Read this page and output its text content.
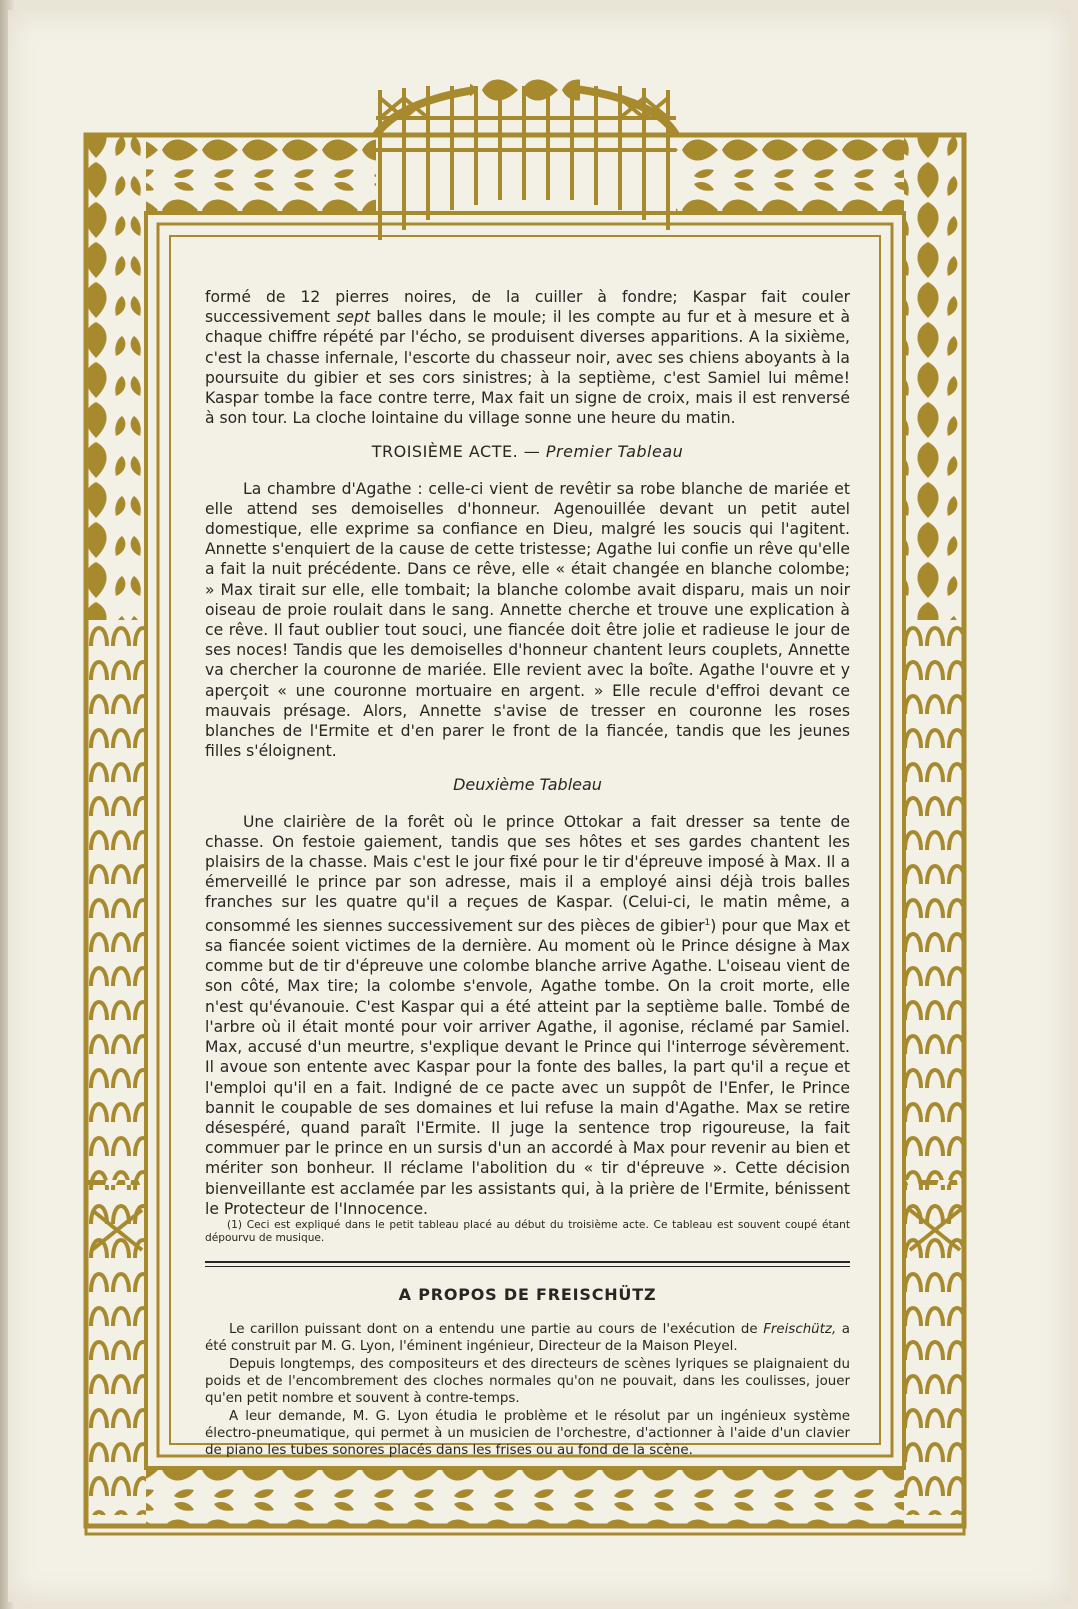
formé de 12 pierres noires, de la cuiller à fondre; Kaspar fait couler successivement sept balles dans le moule; il les compte au fur et à mesure et à chaque chiffre répété par l'écho, se produisent diverses apparitions. A la sixième, c'est la chasse infernale, l'escorte du chasseur noir, avec ses chiens aboyants à la poursuite du gibier et ses cors sinistres; à la septième, c'est Samiel lui même! Kaspar tombe la face contre terre, Max fait un signe de croix, mais il est renversé à son tour. La cloche lointaine du village sonne une heure du matin.

TROISIÈME ACTE. — Premier Tableau

La chambre d'Agathe : celle-ci vient de revêtir sa robe blanche de mariée et elle attend ses demoiselles d'honneur. Agenouillée devant un petit autel domestique, elle exprime sa confiance en Dieu, malgré les soucis qui l'agitent. Annette s'enquiert de la cause de cette tristesse; Agathe lui confie un rêve qu'elle a fait la nuit précédente. Dans ce rêve, elle « était changée en blanche colombe; » Max tirait sur elle, elle tombait; la blanche colombe avait disparu, mais un noir oiseau de proie roulait dans le sang. Annette cherche et trouve une explication à ce rêve. Il faut oublier tout souci, une fiancée doit être jolie et radieuse le jour de ses noces! Tandis que les demoiselles d'honneur chantent leurs couplets, Annette va chercher la couronne de mariée. Elle revient avec la boîte. Agathe l'ouvre et y aperçoit « une couronne mortuaire en argent. » Elle recule d'effroi devant ce mauvais présage. Alors, Annette s'avise de tresser en couronne les roses blanches de l'Ermite et d'en parer le front de la fiancée, tandis que les jeunes filles s'éloignent.

Deuxième Tableau

Une clairière de la forêt où le prince Ottokar a fait dresser sa tente de chasse. On festoie gaiement, tandis que ses hôtes et ses gardes chantent les plaisirs de la chasse. Mais c'est le jour fixé pour le tir d'épreuve imposé à Max. Il a émerveillé le prince par son adresse, mais il a employé ainsi déjà trois balles franches sur les quatre qu'il a reçues de Kaspar. (Celui-ci, le matin même, a consommé les siennes successivement sur des pièces de gibier$^1$) pour que Max et sa fiancée soient victimes de la dernière. Au moment où le Prince désigne à Max comme but de tir d'épreuve une colombe blanche arrive Agathe. L'oiseau vient de son côté, Max tire; la colombe s'envole, Agathe tombe. On la croit morte, elle n'est qu'évanouie. C'est Kaspar qui a été atteint par la septième balle. Tombé de l'arbre où il était monté pour voir arriver Agathe, il agonise, réclamé par Samiel. Max, accusé d'un meurtre, s'explique devant le Prince qui l'interroge sévèrement. Il avoue son entente avec Kaspar pour la fonte des balles, la part qu'il a reçue et l'emploi qu'il en a fait. Indigné de ce pacte avec un suppôt de l'Enfer, le Prince bannit le coupable de ses domaines et lui refuse la main d'Agathe. Max se retire désespéré, quand paraît l'Ermite. Il juge la sentence trop rigoureuse, la fait commuer par le prince en un sursis d'un an accordé à Max pour revenir au bien et mériter son bonheur. Il réclame l'abolition du « tir d'épreuve ». Cette décision bienveillante est acclamée par les assistants qui, à la prière de l'Ermite, bénissent le Protecteur de l'Innocence.

(1) Ceci est expliqué dans le petit tableau placé au début du troisième acte. Ce tableau est souvent coupé étant dépourvu de musique.

A PROPOS DE FREISCHÜTZ

Le carillon puissant dont on a entendu une partie au cours de l'exécution de Freischütz, a été construit par M. G. Lyon, l'éminent ingénieur, Directeur de la Maison Pleyel.

Depuis longtemps, des compositeurs et des directeurs de scènes lyriques se plaignaient du poids et de l'encombrement des cloches normales qu'on ne pouvait, dans les coulisses, jouer qu'en petit nombre et souvent à contre-temps.

A leur demande, M. G. Lyon étudia le problème et le résolut par un ingénieux système électro-pneumatique, qui permet à un musicien de l'orchestre, d'actionner à l'aide d'un clavier de piano les tubes sonores placés dans les frises ou au fond de la scène.
